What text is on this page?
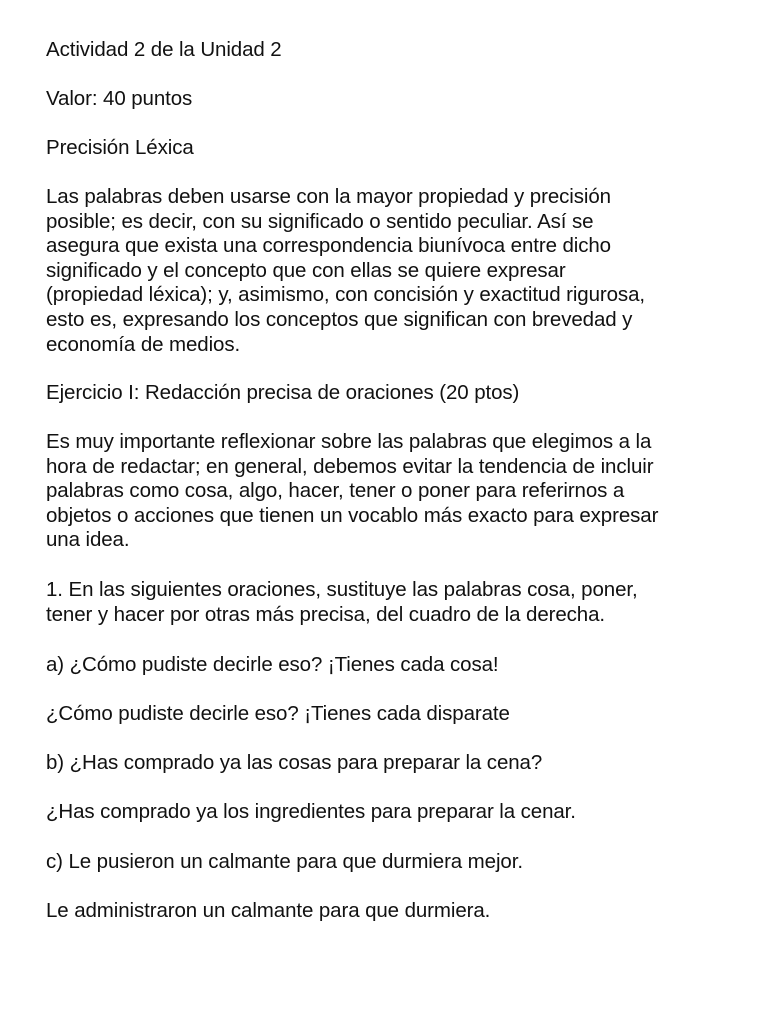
Actividad 2 de la Unidad 2
Valor: 40 puntos
Precisión Léxica
Las palabras deben usarse con la mayor propiedad y precisión
posible; es decir, con su significado o sentido peculiar. Así se
asegura que exista una correspondencia biunívoca entre dicho
significado y el concepto que con ellas se quiere expresar
(propiedad léxica); y, asimismo, con concisión y exactitud rigurosa,
esto es, expresando los conceptos que significan con brevedad y
economía de medios.
Ejercicio I: Redacción precisa de oraciones (20 ptos)
Es muy importante reflexionar sobre las palabras que elegimos a la
hora de redactar; en general, debemos evitar la tendencia de incluir
palabras como cosa, algo, hacer, tener o poner para referirnos a
objetos o acciones que tienen un vocablo más exacto para expresar
una idea.
1. En las siguientes oraciones, sustituye las palabras cosa, poner,
tener y hacer por otras más precisa, del cuadro de la derecha.
a) ¿Cómo pudiste decirle eso? ¡Tienes cada cosa!
¿Cómo pudiste decirle eso? ¡Tienes cada disparate
b) ¿Has comprado ya las cosas para preparar la cena?
¿Has comprado ya los ingredientes para preparar la cenar.
c) Le pusieron un calmante para que durmiera mejor.
Le administraron un calmante para que durmiera.
